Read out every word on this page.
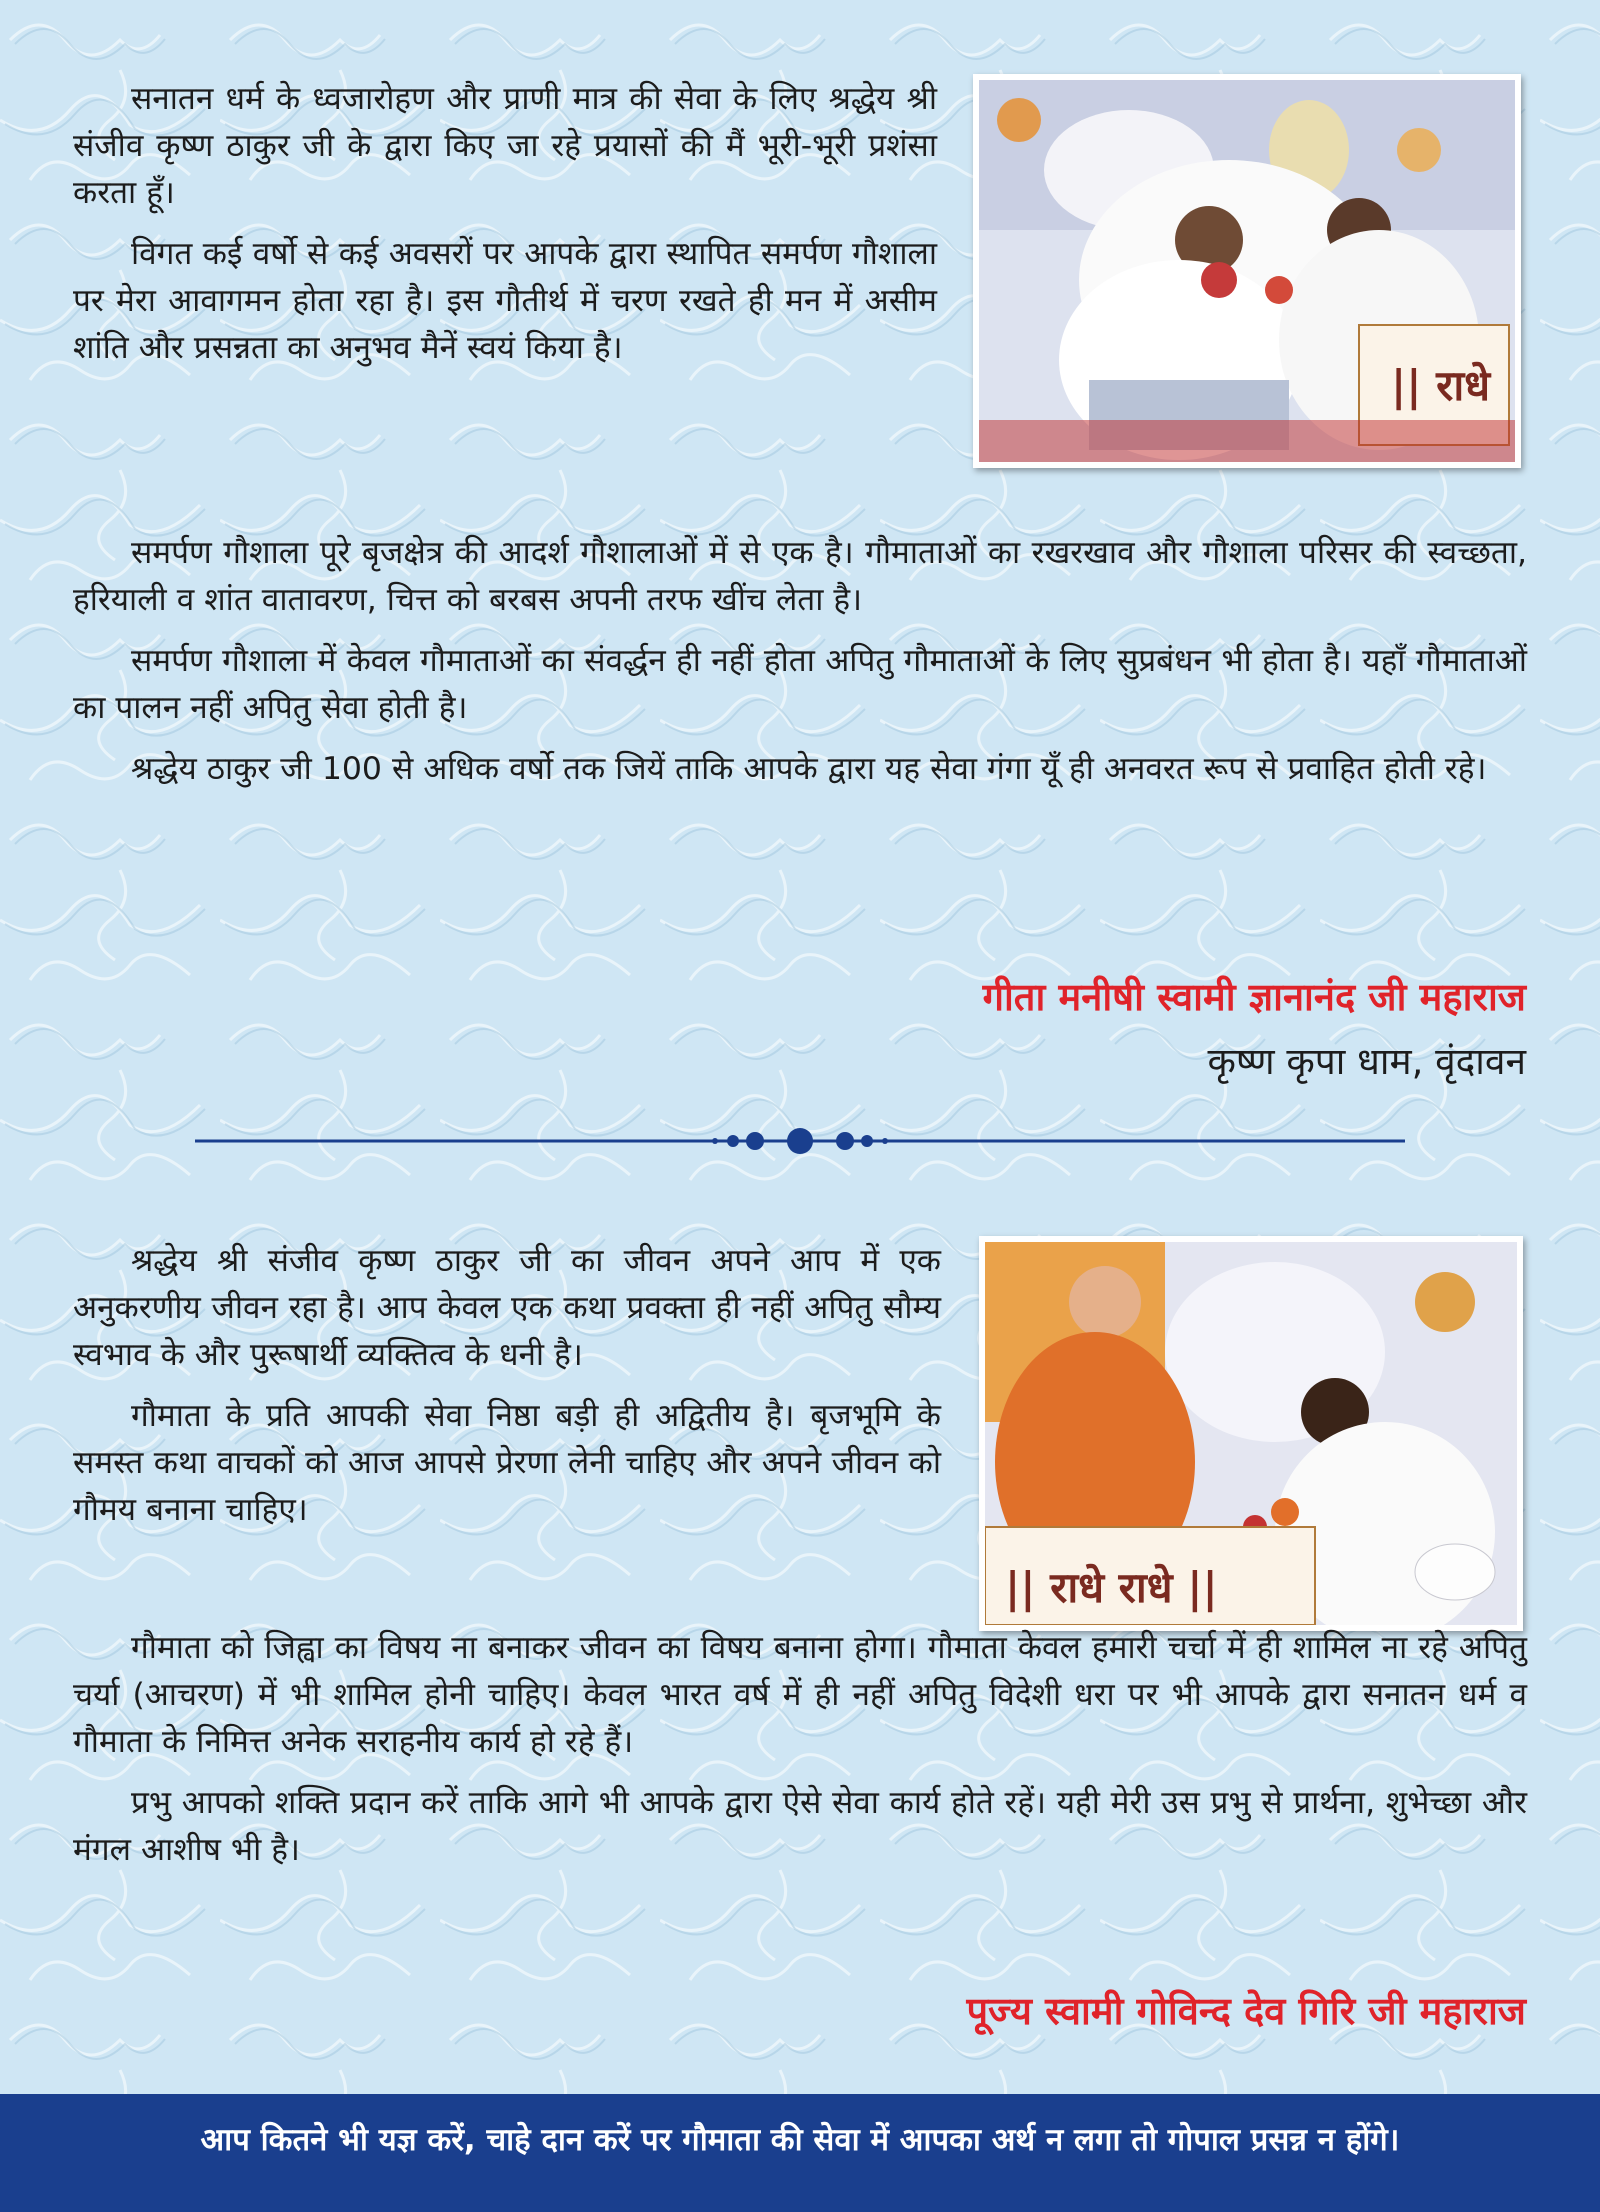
|| राधे

सनातन धर्म के ध्वजारोहण और प्राणी मात्र की सेवा के लिए श्रद्धेय श्री संजीव कृष्ण ठाकुर जी के द्वारा किए जा रहे प्रयासों की मैं भूरी-भूरी प्रशंसा करता हूँ।

विगत कई वर्षो से कई अवसरों पर आपके द्वारा स्थापित समर्पण गौशाला पर मेरा आवागमन होता रहा है। इस गौतीर्थ में चरण रखते ही मन में असीम शांति और प्रसन्नता का अनुभव मैनें स्वयं किया है।

समर्पण गौशाला पूरे बृजक्षेत्र की आदर्श गौशालाओं में से एक है। गौमाताओं का रखरखाव और गौशाला परिसर की स्वच्छता, हरियाली व शांत वातावरण, चित्त को बरबस अपनी तरफ खींच लेता है।

समर्पण गौशाला में केवल गौमाताओं का संवर्द्धन ही नहीं होता अपितु गौमाताओं के लिए सुप्रबंधन भी होता है। यहाँ गौमाताओं का पालन नहीं अपितु सेवा होती है।

श्रद्धेय ठाकुर जी 100 से अधिक वर्षो तक जियें ताकि आपके द्वारा यह सेवा गंगा यूँ ही अनवरत रूप से प्रवाहित होती रहे।

गीता मनीषी स्वामी ज्ञानानंद जी महाराज
कृष्ण कृपा धाम, वृंदावन
|| राधे राधे ||

श्रद्धेय श्री संजीव कृष्ण ठाकुर जी का जीवन अपने आप में एक अनुकरणीय जीवन रहा है। आप केवल एक कथा प्रवक्ता ही नहीं अपितु सौम्य स्वभाव के और पुरूषार्थी व्यक्तित्व के धनी है।

गौमाता के प्रति आपकी सेवा निष्ठा बड़ी ही अद्वितीय है। बृजभूमि के समस्त कथा वाचकों को आज आपसे प्रेरणा लेनी चाहिए और अपने जीवन को गौमय बनाना चाहिए।

गौमाता को जिह्वा का विषय ना बनाकर जीवन का विषय बनाना होगा। गौमाता केवल हमारी चर्चा में ही शामिल ना रहे अपितु चर्या (आचरण) में भी शामिल होनी चाहिए। केवल भारत वर्ष में ही नहीं अपितु विदेशी धरा पर भी आपके द्वारा सनातन धर्म व गौमाता के निमित्त अनेक सराहनीय कार्य हो रहे हैं।

प्रभु आपको शक्ति प्रदान करें ताकि आगे भी आपके द्वारा ऐसे सेवा कार्य होते रहें। यही मेरी उस प्रभु से प्रार्थना, शुभेच्छा और मंगल आशीष भी है।

पूज्य स्वामी गोविन्द देव गिरि जी महाराज
आप कितने भी यज्ञ करें, चाहे दान करें पर गौमाता की सेवा में आपका अर्थ न लगा तो गोपाल प्रसन्न न होंगे।
